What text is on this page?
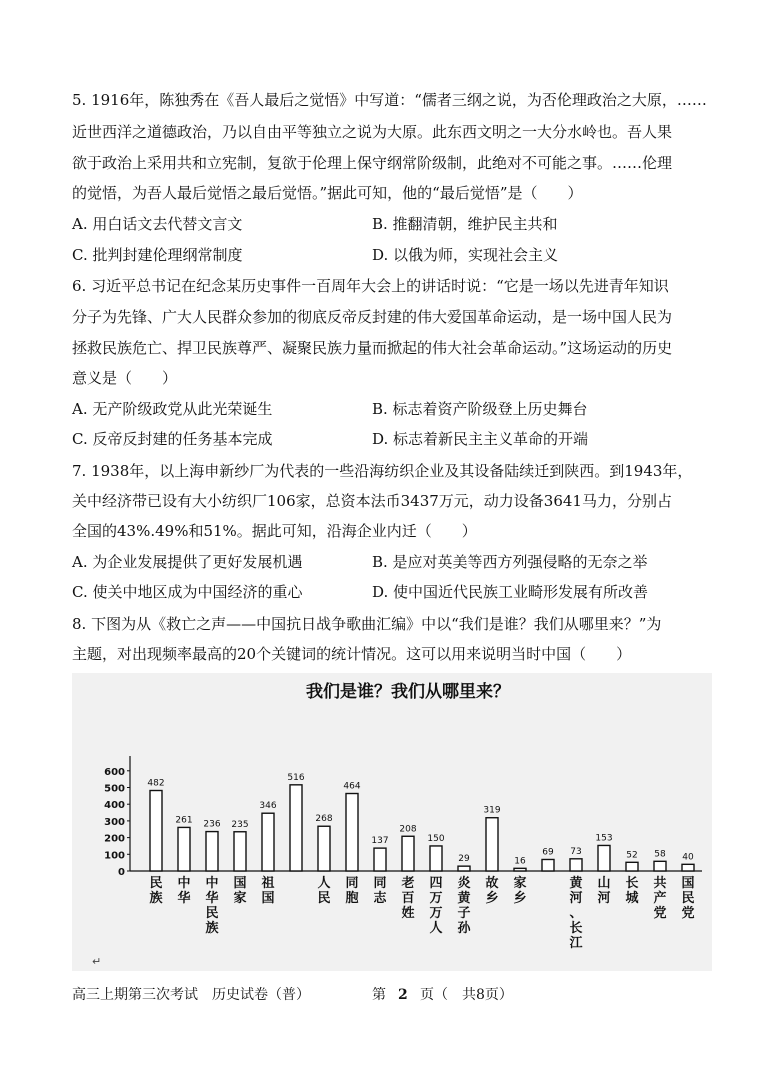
5. 1916年，陈独秀在《吾人最后之觉悟》中写道：“儒者三纲之说，为否伦理政治之大原，……
近世西洋之道德政治，乃以自由平等独立之说为大原。此东西文明之一大分水岭也。吾人果
欲于政治上采用共和立宪制，复欲于伦理上保守纲常阶级制，此绝对不可能之事。……伦理
的觉悟，为吾人最后觉悟之最后觉悟。”据此可知，他的“最后觉悟”是（　　）
A. 用白话文去代替文言文	B. 推翻清朝，维护民主共和
C. 批判封建伦理纲常制度	D. 以俄为师，实现社会主义
6. 习近平总书记在纪念某历史事件一百周年大会上的讲话时说：“它是一场以先进青年知识
分子为先锋、广大人民群众参加的彻底反帝反封建的伟大爱国革命运动，是一场中国人民为
拯救民族危亡、捍卫民族尊严、凝聚民族力量而掀起的伟大社会革命运动。”这场运动的历史
意义是（　　）
A. 无产阶级政党从此光荣诞生	B. 标志着资产阶级登上历史舞台
C. 反帝反封建的任务基本完成	D. 标志着新民主主义革命的开端
7. 1938年，以上海申新纱厂为代表的一些沿海纺织企业及其设备陆续迁到陕西。到1943年，
关中经济带已设有大小纺织厂106家，总资本法币3437万元，动力设备3641马力，分别占
全国的43%.49%和51%。据此可知，沿海企业内迁（　　）
A. 为企业发展提供了更好发展机遇	B. 是应对英美等西方列强侵略的无奈之举
C. 使关中地区成为中国经济的重心	D. 使中国近代民族工业畸形发展有所改善
8. 下图为从《救亡之声——中国抗日战争歌曲汇编》中以“我们是谁？我们从哪里来？”为
主题，对出现频率最高的20个关键词的统计情况。这可以用来说明当时中国（　　）
我们是谁？我们从哪里来？
0
100
200
300
400
500
600
482
261 236 235
346
516
268
464
137
208
150
29
319
16
69 73
153
52 58 40
民
族
中
华
中
华
民
族
国
家
祖
国
人
民
同
胞
同
志
老
百
姓
四
万
万
人
炎
黄
子
孙
故
乡
家
乡
黄
河
、
长
江
山
河
长
城
共
产
党
国
民
党
↵
高三上期第三次考试　历史试卷（普）	第 2 页（ 共8页）
